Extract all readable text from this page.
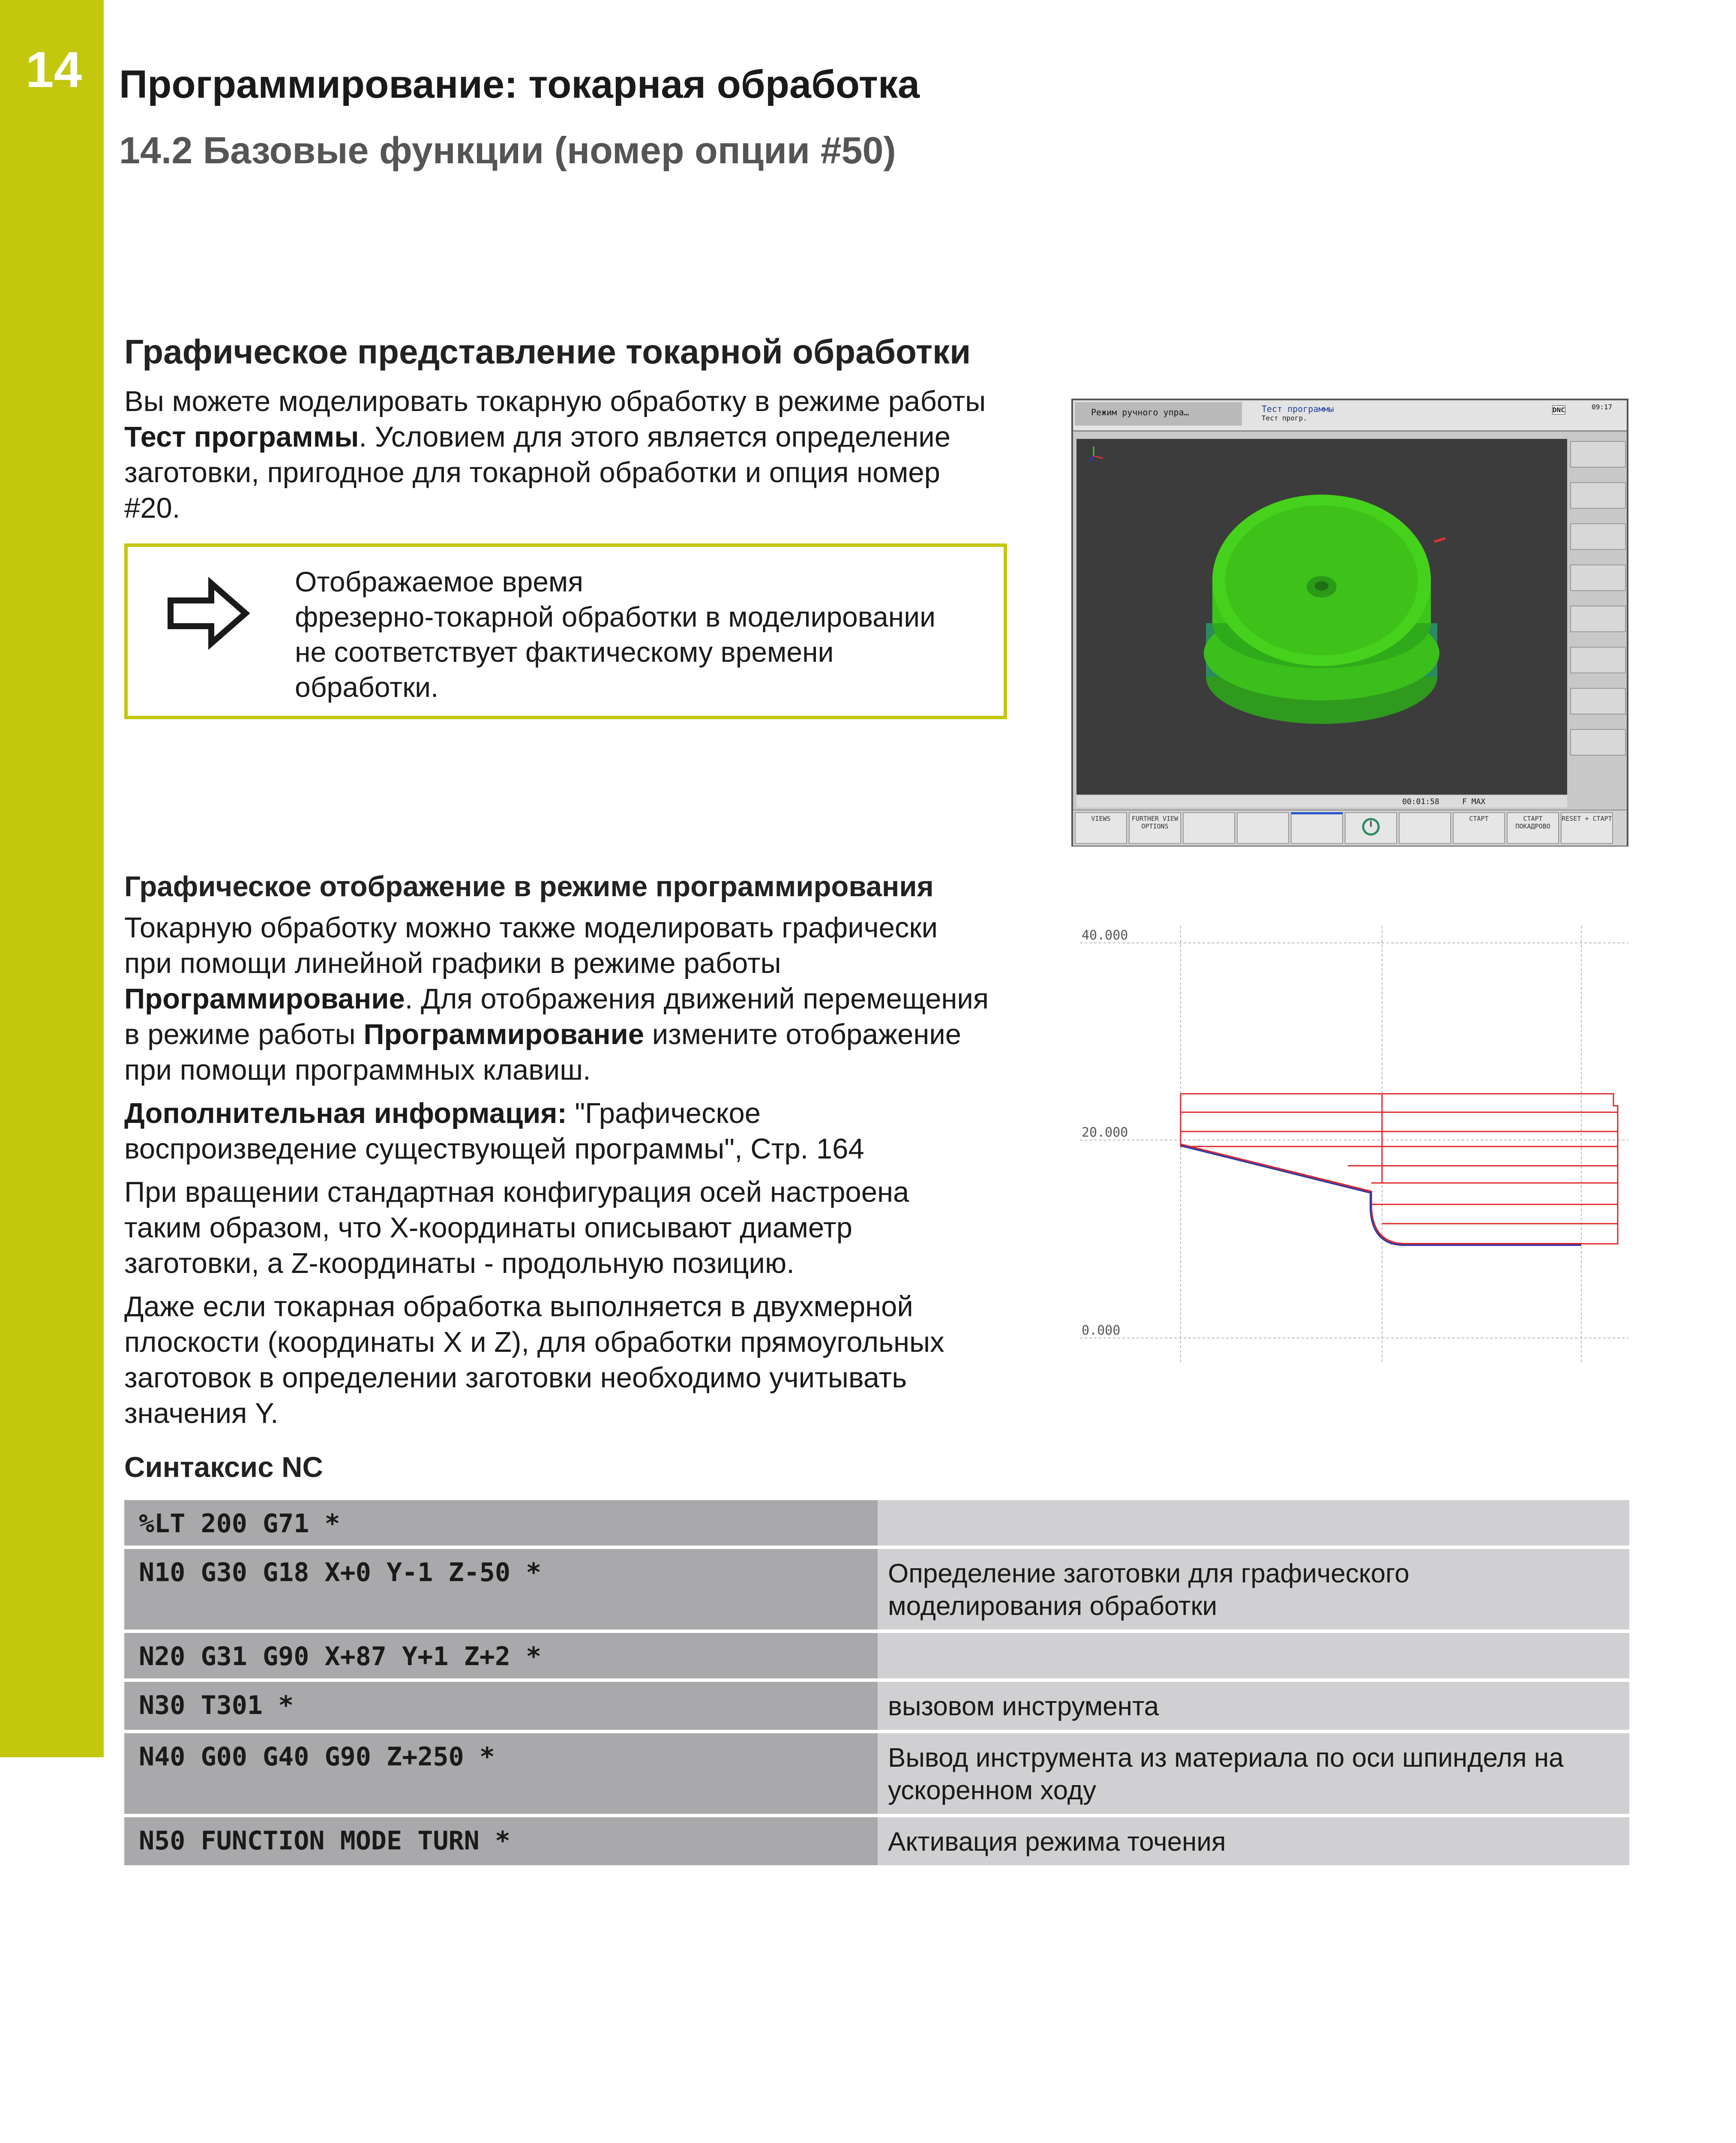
14 Программирование: токарная обработка
14.2 Базовые функции (номер опции #50)
Графическое представление токарной обработки
Вы можете моделировать токарную обработку в режиме работы
Тест программы. Условием для этого является определение
заготовки, пригодное для токарной обработки и опция номер
#20.
Отображаемое время
фрезерно-токарной обработки в моделировании
не соответствует фактическому времени
обработки.
Режим ручного упра…	Тест программы
Тест прогр.
DNC	09:17
00:01:58	F MAX
VIEWS	FURTHER VIEW OPTIONS
СТАРТ	СТАРТ ПОКАДРОВО
RESET + СТАРТ
Графическое отображение в режиме программирования
Токарную обработку можно также моделировать графически
при помощи линейной графики в режиме работы
Программирование. Для отображения движений перемещения
в режиме работы Программирование измените отображение
при помощи программных клавиш.
Дополнительная информация: "Графическое
воспроизведение существующей программы", Стр. 164
При вращении стандартная конфигурация осей настроена
таким образом, что X-координаты описывают диаметр
заготовки, а Z-координаты - продольную позицию.
Даже если токарная обработка выполняется в двухмерной
плоскости (координаты X и Z), для обработки прямоугольных
заготовок в определении заготовки необходимо учитывать
значения Y.
40.000
20.000
0.000
Синтаксис NC
%LT 200 G71 *	

N10 G30 G18 X+0 Y-1 Z-50 *	Определение заготовки для графического
моделирования обработки

N20 G31 G90 X+87 Y+1 Z+2 *	

N30 T301 *	вызовом инструмента

N40 G00 G40 G90 Z+250 *	Вывод инструмента из материала по оси шпинделя на
ускоренном ходу

N50 FUNCTION MODE TURN *	Активация режима точения
